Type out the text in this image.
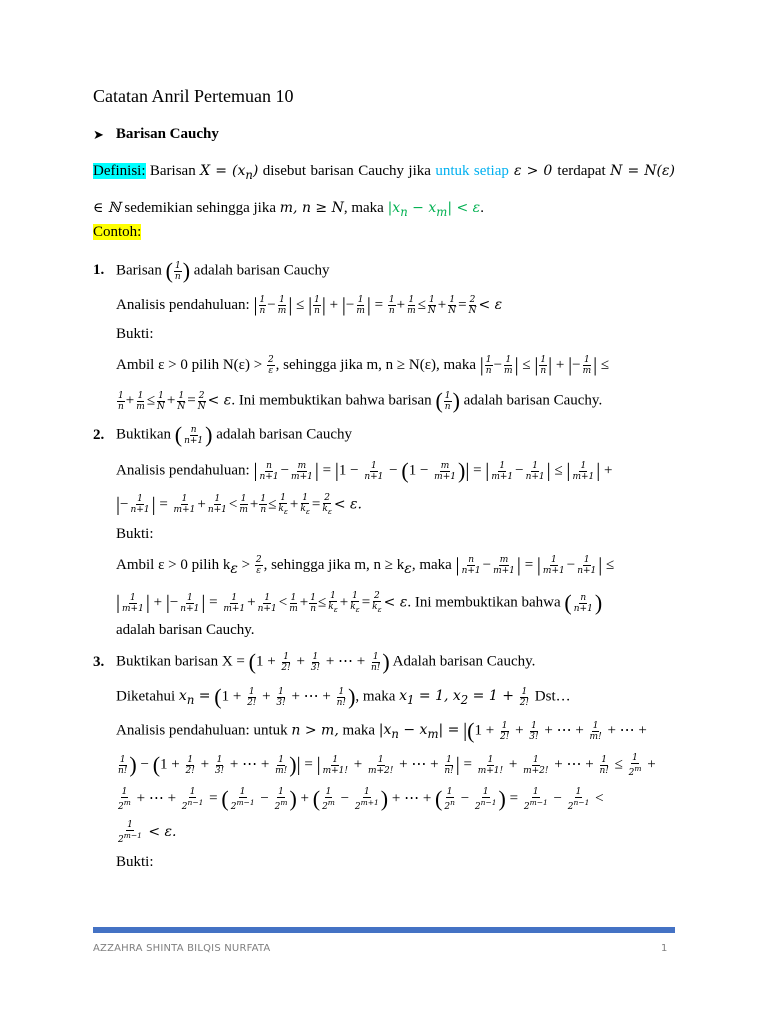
Catatan Anril Pertemuan 10
➤ Barisan Cauchy
Definisi: Barisan $X = (x_n)$ disebut barisan Cauchy jika untuk setiap ε > 0 terdapat N = N(ε) ∈ ℕ sedemikian sehingga jika m, n ≥ N, maka $|x_n - x_m| < \varepsilon$.
Contoh:
1. Barisan ( $\frac{1}{n}$ ) adalah barisan Cauchy
Analisis pendahuluan: | $\frac{1}{n} - \frac{1}{m}$ | ≤ | $\frac{1}{n}$ | + |− $\frac{1}{m}$ | = $\frac{1}{n} + \frac{1}{m} \le \frac{1}{N} + \frac{1}{N} = \frac{2}{N} < \varepsilon$
Bukti:
Ambil ε > 0 pilih $N(\varepsilon) > \frac{2}{\varepsilon}$ , sehingga jika m, n ≥ N(ε), maka | $\frac{1}{n} - \frac{1}{m}$ | ≤ | $\frac{1}{n}$ | + |− $\frac{1}{m}$ | ≤
$\frac{1}{n} + \frac{1}{m} \le \frac{1}{N} + \frac{1}{N} = \frac{2}{N} < \varepsilon$. Ini membuktikan bahwa barisan ( $\frac{1}{n}$ ) adalah barisan Cauchy.
2. Buktikan ( $\frac{n}{n+1}$ ) adalah barisan Cauchy
Analisis pendahuluan: | $\frac{n}{n+1} - \frac{m}{m+1}$ | = $|1 - \frac{1}{n+1} - (1 - \frac{m}{m+1}$ )| = | $\frac{1}{m+1} - \frac{1}{n+1}$ | ≤ | $\frac{1}{m+1}$ | +
|− $\frac{1}{n+1}$ | = $\frac{1}{m+1} + \frac{1}{n+1} < \frac{1}{m} + \frac{1}{n} \le \frac{1}{k_\varepsilon} + \frac{1}{k_\varepsilon} = \frac{2}{k_\varepsilon} < \varepsilon$.
Bukti:
Ambil ε > 0 pilih $k_\varepsilon > \frac{2}{\varepsilon}$ , sehingga jika m, $n \ge k_\varepsilon$, maka | $\frac{n}{n+1} - \frac{m}{m+1}$ | = | $\frac{1}{m+1} - \frac{1}{n+1}$ | ≤
| $\frac{1}{m+1}$ | + |− $\frac{1}{n+1}$ | = $\frac{1}{m+1} + \frac{1}{n+1} < \frac{1}{m} + \frac{1}{n} \le \frac{1}{k_\varepsilon} + \frac{1}{k_\varepsilon} = \frac{2}{k_\varepsilon} < \varepsilon$. Ini membuktikan bahwa ( $\frac{n}{n+1}$ )
adalah barisan Cauchy.
3. Buktikan barisan $X = (1 + \frac{1}{2!} + \frac{1}{3!}$ + ⋯ + $\frac{1}{n!}$ ) Adalah barisan Cauchy.
Diketahui $x_n = (1 + \frac{1}{2!} + \frac{1}{3!}$ + ⋯ + $\frac{1}{n!}$ ), maka $x_1 = 1$, $x_2 = 1 + \frac{1}{2!}$ Dst…
Analisis pendahuluan: untuk n > m, maka $|x_n - x_m| = |(1 + \frac{1}{2!} + \frac{1}{3!}$ + ⋯ + $\frac{1}{m!}$ + ⋯ +
$\frac{1}{n!}$ ) − ($1 + \frac{1}{2!} + \frac{1}{3!}$ + ⋯ + $\frac{1}{m!}$ )| = | $\frac{1}{m+1!} + \frac{1}{m+2!}$ + ⋯ + $\frac{1}{n!}$ | = $\frac{1}{m+1!} + \frac{1}{m+2!}$ + ⋯ + $\frac{1}{n!} \le \frac{1}{2^m}$ +
$\frac{1}{2^m}$ + ⋯ + $\frac{1}{2^{n-1}}$ = ( $\frac{1}{2^{m-1}} - \frac{1}{2^m}$ ) + ( $\frac{1}{2^m} - \frac{1}{2^{m+1}}$ ) + ⋯ + ( $\frac{1}{2^n} - \frac{1}{2^{n-1}}$ ) = $\frac{1}{2^{m-1}} - \frac{1}{2^{n-1}}$ <
$\frac{1}{2^{m-1}} < \varepsilon$.
Bukti:
AZZAHRA SHINTA BILQIS NURFATA	1
